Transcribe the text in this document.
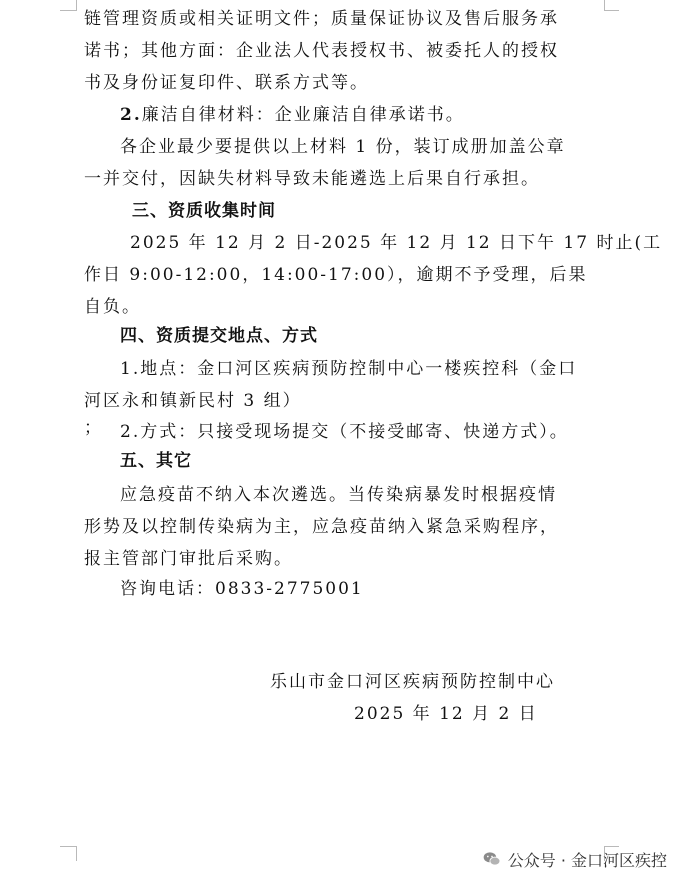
链管理资质或相关证明文件；质量保证协议及售后服务承
诺书；其他方面：企业法人代表授权书、被委托人的授权
书及身份证复印件、联系方式等。
2.廉洁自律材料：企业廉洁自律承诺书。
各企业最少要提供以上材料 1 份，装订成册加盖公章
一并交付，因缺失材料导致未能遴选上后果自行承担。
三、资质收集时间
2025 年 12 月 2 日-2025 年 12 月 12 日下午 17 时止(工
作日 9:00-12:00，14:00-17:00），逾期不予受理，后果
自负。
四、资质提交地点、方式
1.地点：金口河区疾病预防控制中心一楼疾控科（金口
河区永和镇新民村 3 组）
；	2.方式：只接受现场提交（不接受邮寄、快递方式）。
五、其它
应急疫苗不纳入本次遴选。当传染病暴发时根据疫情
形势及以控制传染病为主，应急疫苗纳入紧急采购程序，
报主管部门审批后采购。
咨询电话：0833-2775001
乐山市金口河区疾病预防控制中心
2025 年 12 月 2 日
公众号 · 金口河区疾控
